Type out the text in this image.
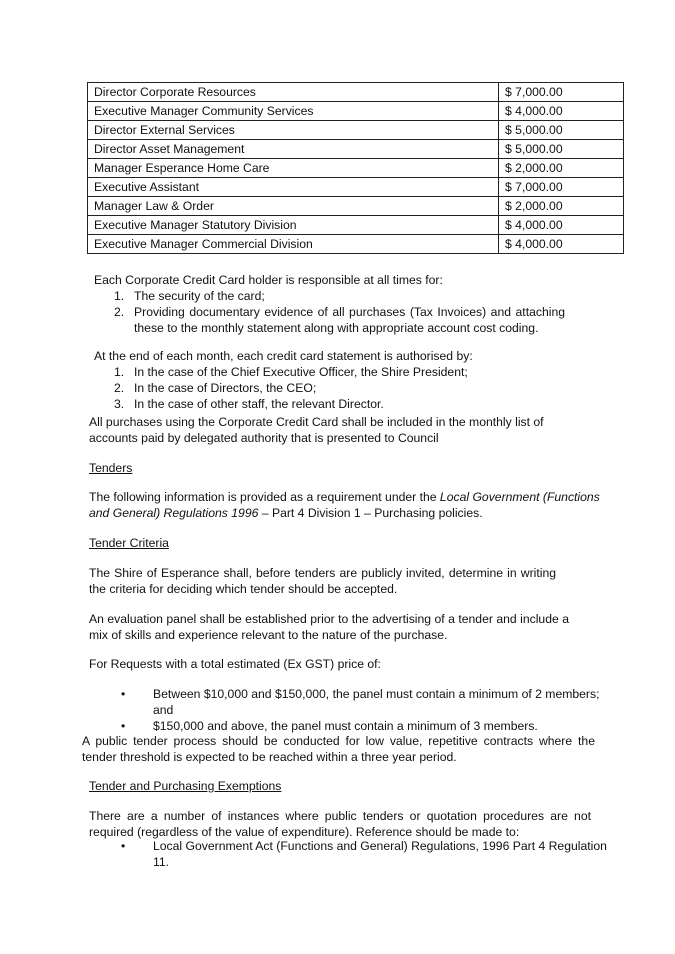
Director Corporate Resources	$ 7,000.00
Executive Manager Community Services	$ 4,000.00
Director External Services	$ 5,000.00
Director Asset Management	$ 5,000.00
Manager Esperance Home Care	$ 2,000.00
Executive Assistant	$ 7,000.00
Manager Law & Order	$ 2,000.00
Executive Manager Statutory Division	$ 4,000.00
Executive Manager Commercial Division	$ 4,000.00
Each Corporate Credit Card holder is responsible at all times for:
1. The security of the card;
2. Providing documentary evidence of all purchases (Tax Invoices) and attaching these to the monthly statement along with appropriate account cost coding.
At the end of each month, each credit card statement is authorised by:
1. In the case of the Chief Executive Officer, the Shire President;
2. In the case of Directors, the CEO;
3. In the case of other staff, the relevant Director.
All purchases using the Corporate Credit Card shall be included in the monthly list of accounts paid by delegated authority that is presented to Council
Tenders
The following information is provided as a requirement under the Local Government (Functions and General) Regulations 1996 – Part 4 Division 1 – Purchasing policies.
Tender Criteria
The Shire of Esperance shall, before tenders are publicly invited, determine in writing the criteria for deciding which tender should be accepted.
An evaluation panel shall be established prior to the advertising of a tender and include a mix of skills and experience relevant to the nature of the purchase.
For Requests with a total estimated (Ex GST) price of:
• Between $10,000 and $150,000, the panel must contain a minimum of 2 members; and
• $150,000 and above, the panel must contain a minimum of 3 members.
A public tender process should be conducted for low value, repetitive contracts where the tender threshold is expected to be reached within a three year period.
Tender and Purchasing Exemptions
There are a number of instances where public tenders or quotation procedures are not required (regardless of the value of expenditure). Reference should be made to:
• Local Government Act (Functions and General) Regulations, 1996 Part 4 Regulation 11.
